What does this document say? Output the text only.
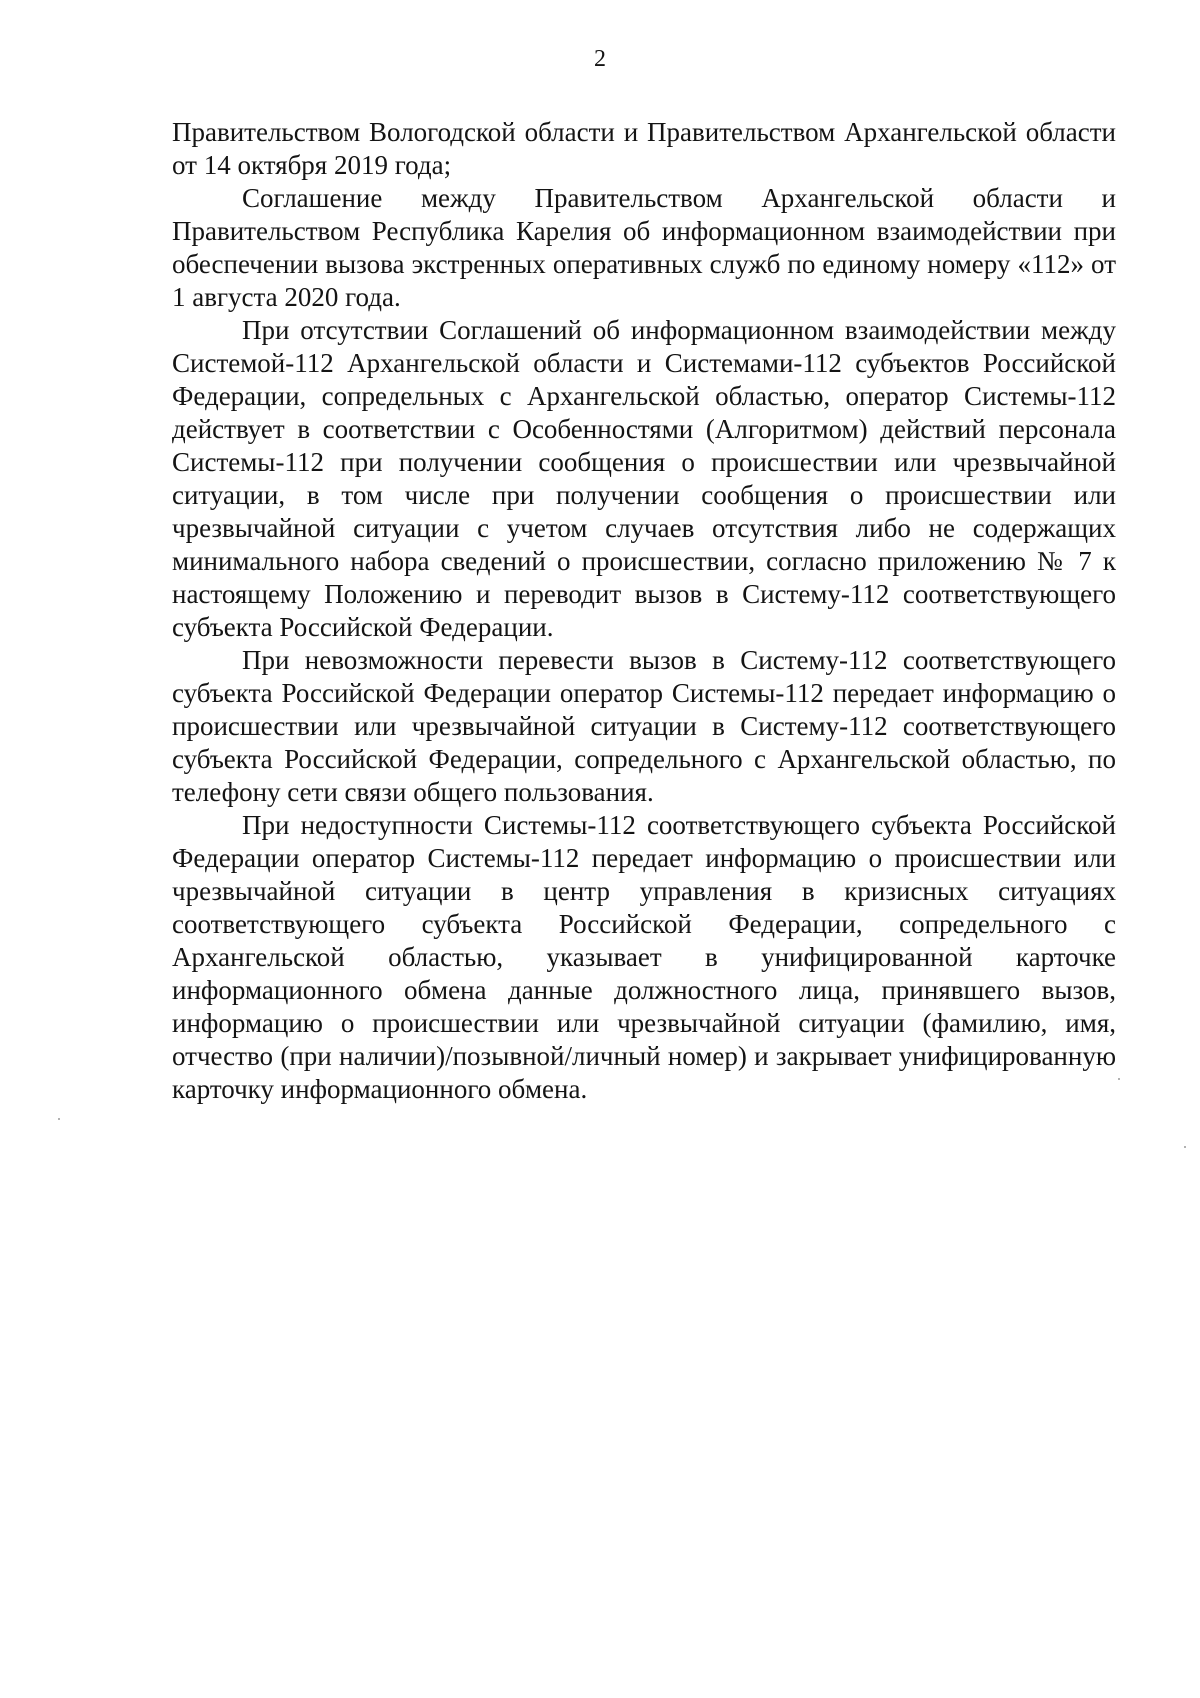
2

Правительством Вологодской области и Правительством Архангельской области от 14 октября 2019 года;

Соглашение между Правительством Архангельской области и Правительством Республика Карелия об информационном взаимодействии при обеспечении вызова экстренных оперативных служб по единому номеру «112» от 1 августа 2020 года.

При отсутствии Соглашений об информационном взаимодействии между Системой-112 Архангельской области и Системами-112 субъектов Российской Федерации, сопредельных с Архангельской областью, оператор Системы-112 действует в соответствии с Особенностями (Алгоритмом) действий персонала Системы-112 при получении сообщения о происшествии или чрезвычайной ситуации, в том числе при получении сообщения о происшествии или чрезвычайной ситуации с учетом случаев отсутствия либо не содержащих минимального набора сведений о происшествии, согласно приложению № 7 к настоящему Положению и переводит вызов в Систему-112 соответствующего субъекта Российской Федерации.

При невозможности перевести вызов в Систему-112 соответствующего субъекта Российской Федерации оператор Системы-112 передает информацию о происшествии или чрезвычайной ситуации в Систему-112 соответствующего субъекта Российской Федерации, сопредельного с Архангельской областью, по телефону сети связи общего пользования.

При недоступности Системы-112 соответствующего субъекта Российской Федерации оператор Системы-112 передает информацию о происшествии или чрезвычайной ситуации в центр управления в кризисных ситуациях соответствующего субъекта Российской Федерации, сопредельного с Архангельской областью, указывает в унифицированной карточке информационного обмена данные должностного лица, принявшего вызов, информацию о происшествии или чрезвычайной ситуации (фамилию, имя, отчество (при наличии)/позывной/личный номер) и закрывает унифицированную карточку информационного обмена.
